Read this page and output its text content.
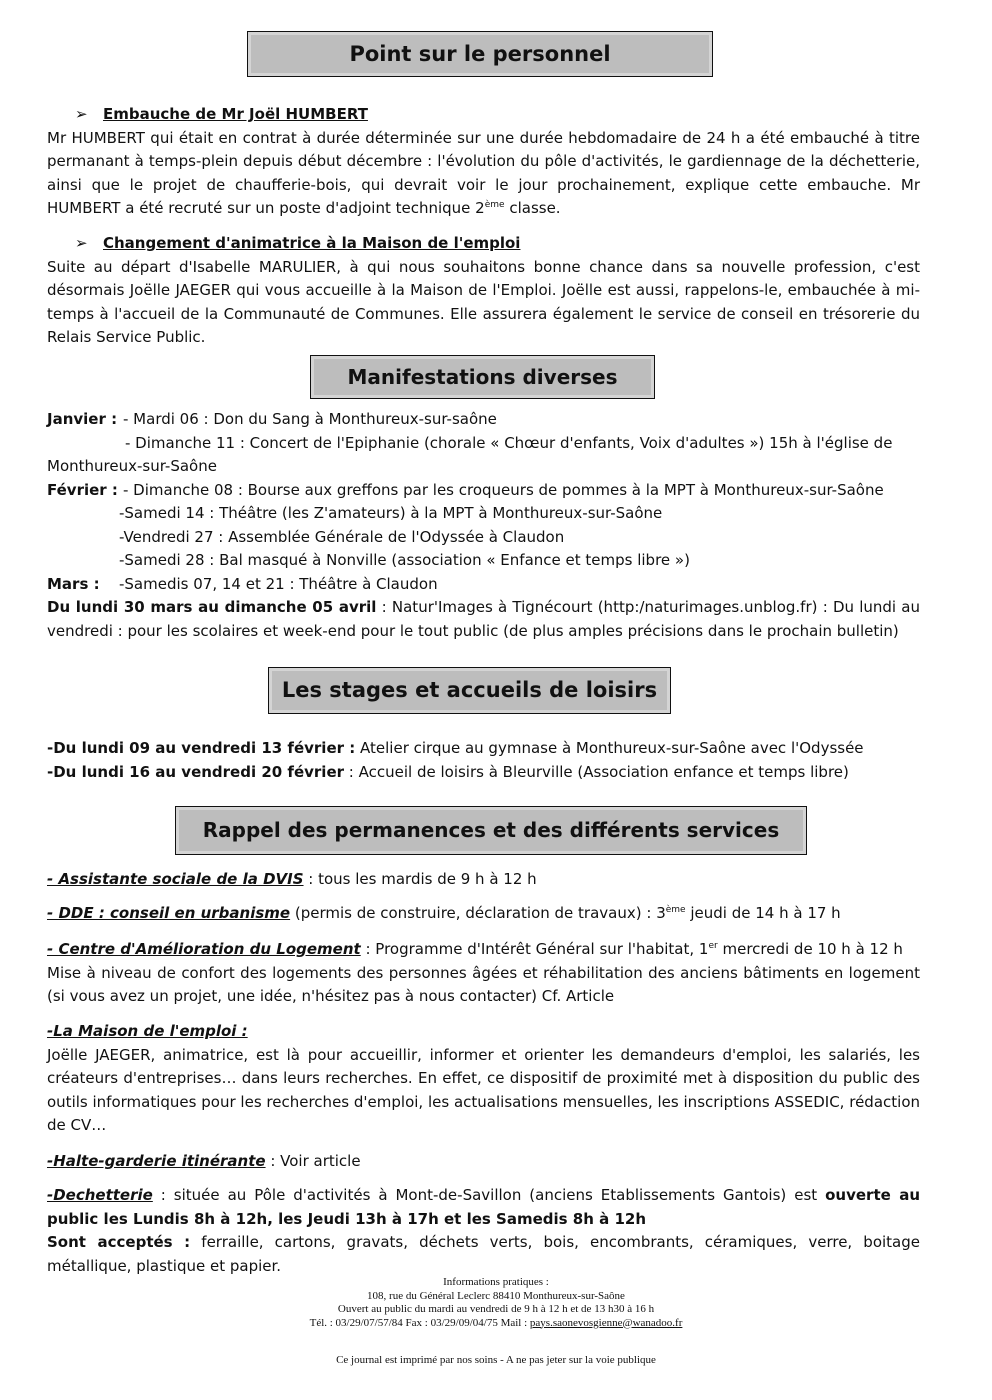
Point sur le personnel

➢ Embauche de Mr Joël HUMBERT
Mr HUMBERT qui était en contrat à durée déterminée sur une durée hebdomadaire de 24 h a été embauché à titre permanant à temps-plein depuis début décembre : l'évolution du pôle d'activités, le gardiennage de la déchetterie, ainsi que le projet de chaufferie-bois, qui devrait voir le jour prochainement, explique cette embauche. Mr HUMBERT a été recruté sur un poste d'adjoint technique 2ème classe.

➢ Changement d'animatrice à la Maison de l'emploi
Suite au départ d'Isabelle MARULIER, à qui nous souhaitons bonne chance dans sa nouvelle profession, c'est désormais Joëlle JAEGER qui vous accueille à la Maison de l'Emploi. Joëlle est aussi, rappelons-le, embauchée à mi-temps à l'accueil de la Communauté de Communes. Elle assurera également le service de conseil en trésorerie du Relais Service Public.

Manifestations diverses
Janvier : - Mardi 06 : Don du Sang à Monthureux-sur-saône
- Dimanche 11 : Concert de l'Epiphanie (chorale « Chœur d'enfants, Voix d'adultes ») 15h à l'église de
Monthureux-sur-Saône
Février : - Dimanche 08 : Bourse aux greffons par les croqueurs de pommes à la MPT à Monthureux-sur-Saône
-Samedi 14 : Théâtre (les Z'amateurs) à la MPT à Monthureux-sur-Saône
-Vendredi 27 : Assemblée Générale de l'Odyssée à Claudon
-Samedi 28 : Bal masqué à Nonville (association « Enfance et temps libre »)
Mars : -Samedis 07, 14 et 21 : Théâtre à Claudon
Du lundi 30 mars au dimanche 05 avril : Natur'Images à Tignécourt (http:/naturimages.unblog.fr) : Du lundi au vendredi : pour les scolaires et week-end pour le tout public (de plus amples précisions dans le prochain bulletin)
Les stages et accueils de loisirs
-Du lundi 09 au vendredi 13 février : Atelier cirque au gymnase à Monthureux-sur-Saône avec l'Odyssée
-Du lundi 16 au vendredi 20 février : Accueil de loisirs à Bleurville (Association enfance et temps libre)
Rappel des permanences et des différents services
- Assistante sociale de la DVIS : tous les mardis de 9 h à 12 h
- DDE : conseil en urbanisme (permis de construire, déclaration de travaux) : 3ème jeudi de 14 h à 17 h
- Centre d'Amélioration du Logement : Programme d'Intérêt Général sur l'habitat, 1er mercredi de 10 h à 12 h
Mise à niveau de confort des logements des personnes âgées et réhabilitation des anciens bâtiments en logement (si vous avez un projet, une idée, n'hésitez pas à nous contacter) Cf. Article
-La Maison de l'emploi :
Joëlle JAEGER, animatrice, est là pour accueillir, informer et orienter les demandeurs d'emploi, les salariés, les créateurs d'entreprises… dans leurs recherches. En effet, ce dispositif de proximité met à disposition du public des outils informatiques pour les recherches d'emploi, les actualisations mensuelles, les inscriptions ASSEDIC, rédaction de CV…
-Halte-garderie itinérante : Voir article
-Dechetterie : située au Pôle d'activités à Mont-de-Savillon (anciens Etablissements Gantois) est ouverte au public les Lundis 8h à 12h, les Jeudi 13h à 17h et les Samedis 8h à 12h
Sont acceptés : ferraille, cartons, gravats, déchets verts, bois, encombrants, céramiques, verre, boitage métallique, plastique et papier.
Informations pratiques :
108, rue du Général Leclerc 88410 Monthureux-sur-Saône
Ouvert au public du mardi au vendredi de 9 h à 12 h et de 13 h30 à 16 h
Tél. : 03/29/07/57/84 Fax : 03/29/09/04/75 Mail : pays.saonevosgienne@wanadoo.fr
Ce journal est imprimé par nos soins - A ne pas jeter sur la voie publique
